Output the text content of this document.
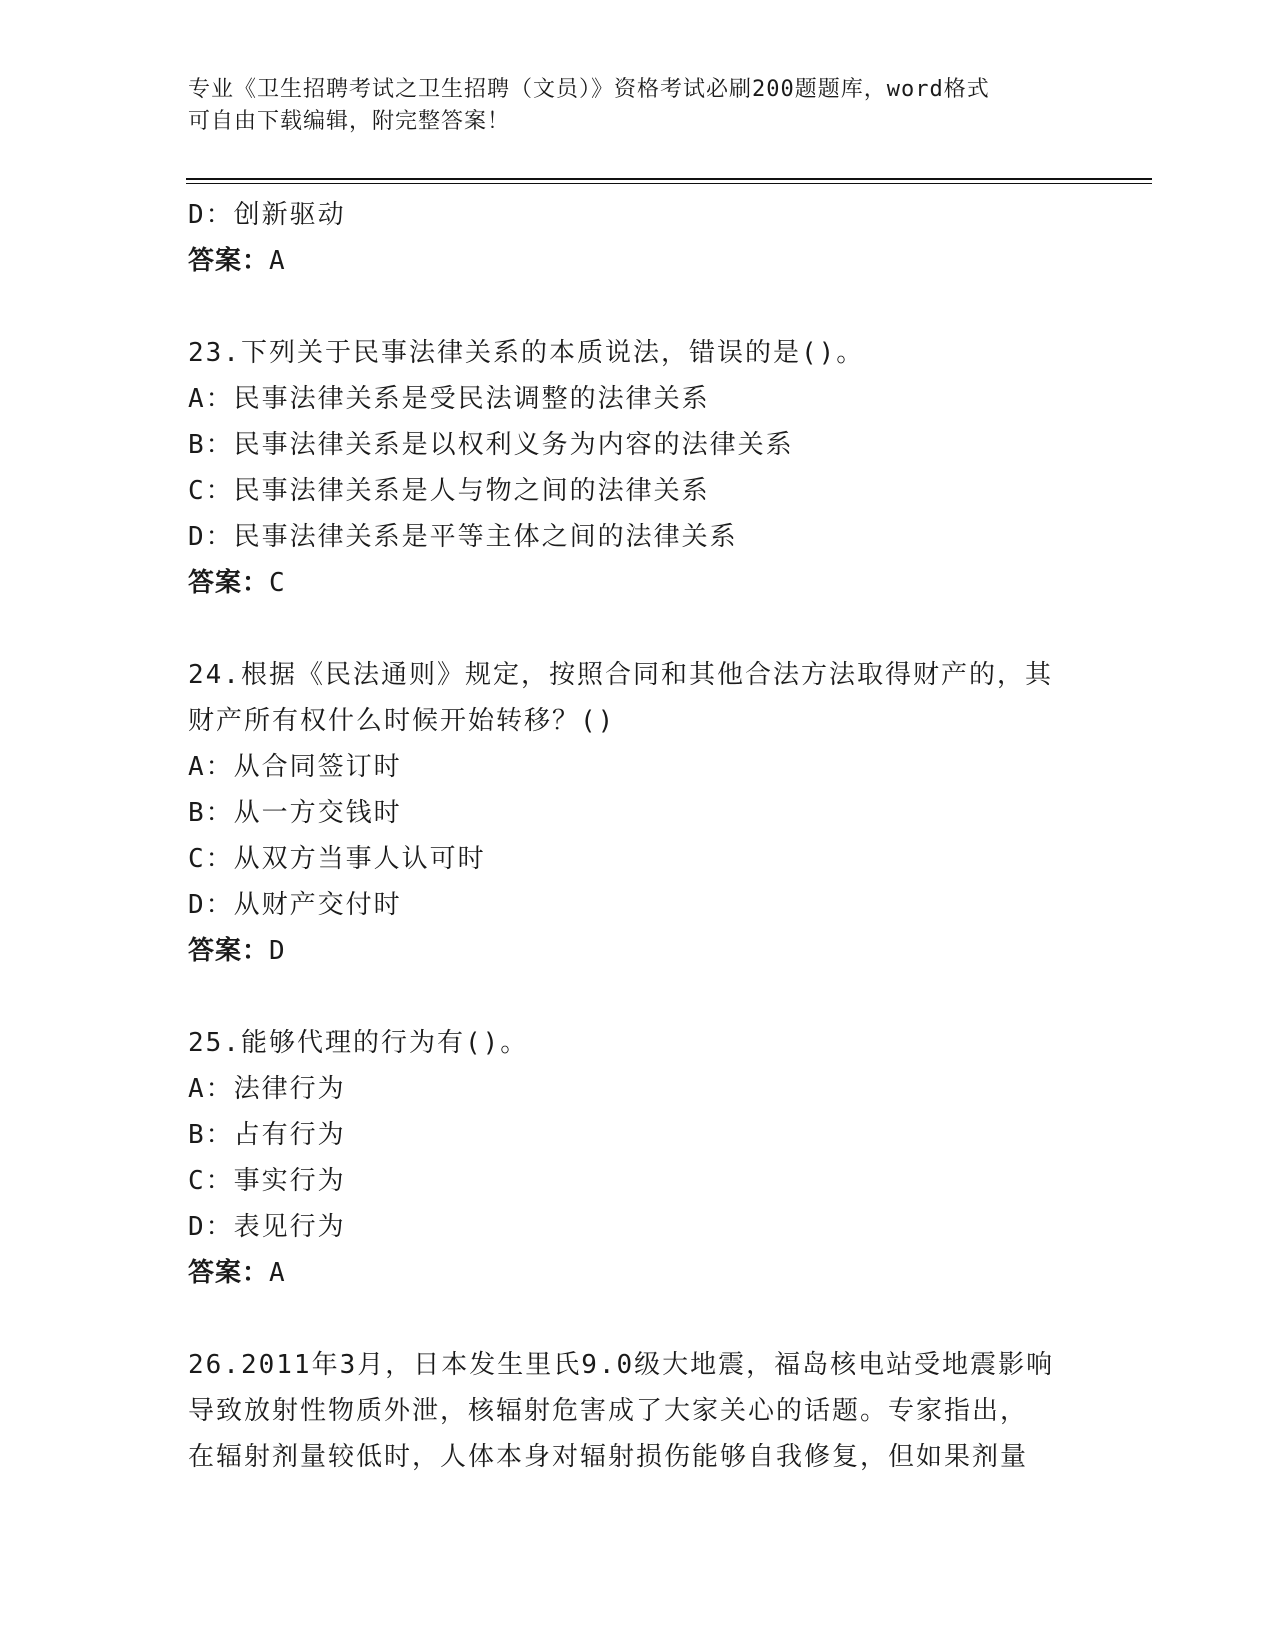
专业《卫生招聘考试之卫生招聘（文员）》资格考试必刷200题题库，word格式
可自由下载编辑，附完整答案！
D：创新驱动
答案：A
23.下列关于民事法律关系的本质说法，错误的是()。
A：民事法律关系是受民法调整的法律关系
B：民事法律关系是以权利义务为内容的法律关系
C：民事法律关系是人与物之间的法律关系
D：民事法律关系是平等主体之间的法律关系
答案：C
24.根据《民法通则》规定，按照合同和其他合法方法取得财产的，其
财产所有权什么时候开始转移？()
A：从合同签订时
B：从一方交钱时
C：从双方当事人认可时
D：从财产交付时
答案：D
25.能够代理的行为有()。
A：法律行为
B：占有行为
C：事实行为
D：表见行为
答案：A
26.2011年3月，日本发生里氏9.0级大地震，福岛核电站受地震影响
导致放射性物质外泄，核辐射危害成了大家关心的话题。专家指出，
在辐射剂量较低时，人体本身对辐射损伤能够自我修复，但如果剂量
